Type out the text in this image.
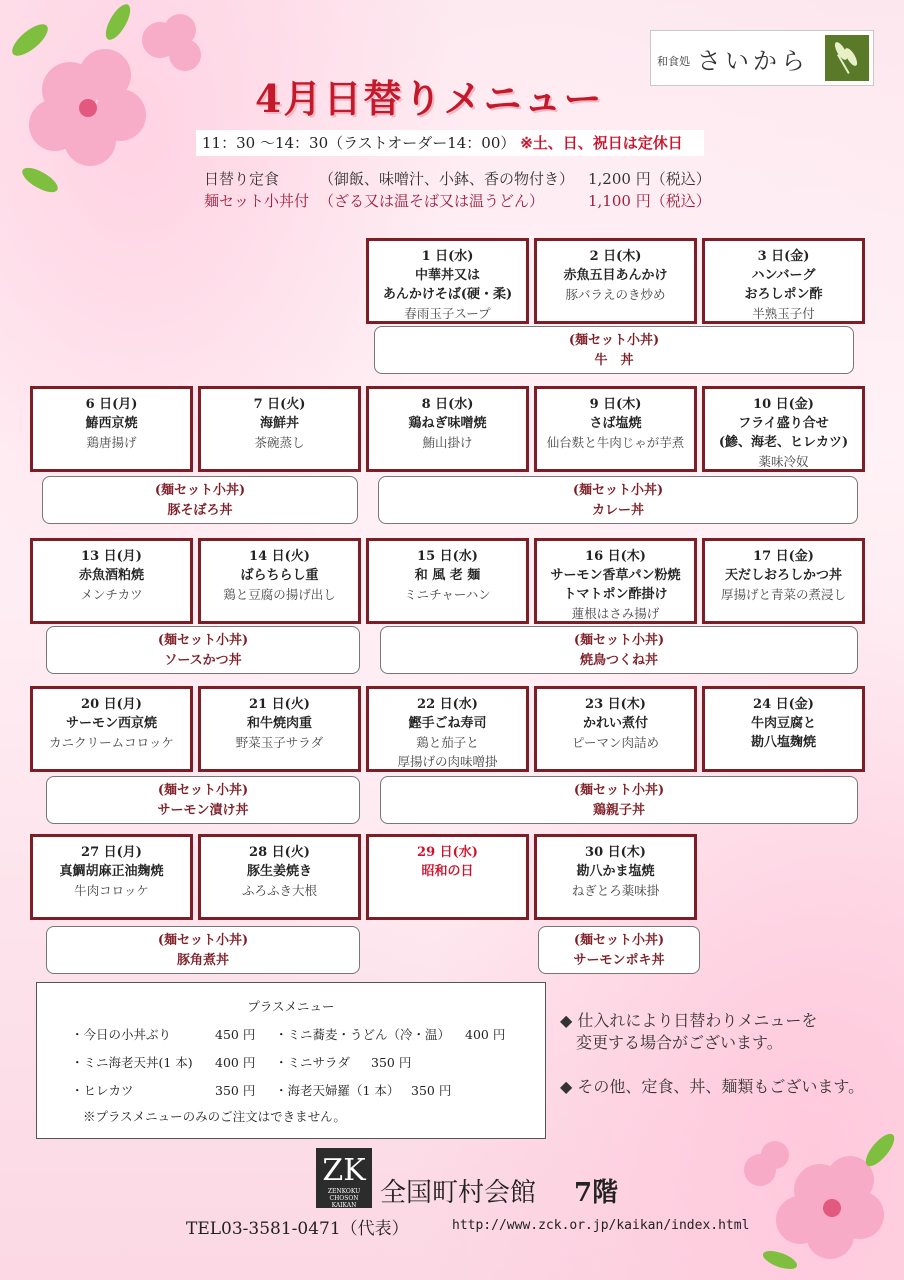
4月日替りメニュー
和食処 さいから
11：30 ～14：30（ラストオーダー14：00） ※土、日、祝日は定休日
日替り定食	（御飯、味噌汁、小鉢、香の物付き） 1,200 円（税込）
麺セット小丼付 （ざる又は温そば又は温うどん）	1,100 円（税込）
1 日(水)
中華丼又は
あんかけそば(硬・柔)
春雨玉子スープ
2 日(木)
赤魚五目あんかけ
豚バラえのき炒め
3 日(金)
ハンバーグ
おろしポン酢
半熟玉子付
6 日(月)
鰆西京焼
鶏唐揚げ
7 日(火)
海鮮丼
茶碗蒸し
8 日(水)
鶏ねぎ味噌焼
鮪山掛け
9 日(木)
さば塩焼
仙台麩と牛肉じゃが芋煮
10 日(金)
フライ盛り合せ
(鯵、海老、ヒレカツ)
薬味冷奴
13 日(月)
赤魚酒粕焼
メンチカツ
14 日(火)
ばらちらし重
鶏と豆腐の揚げ出し
15 日(水)
和 風 老 麺
ミニチャーハン
16 日(木)
サーモン香草パン粉焼
トマトポン酢掛け
蓮根はさみ揚げ
17 日(金)
天だしおろしかつ丼
厚揚げと青菜の煮浸し
20 日(月)
サーモン西京焼
カニクリームコロッケ
21 日(火)
和牛焼肉重
野菜玉子サラダ
22 日(水)
鰹手ごね寿司
鶏と茄子と
厚揚げの肉味噌掛
23 日(木)
かれい煮付
ピーマン肉詰め
24 日(金)
牛肉豆腐と
勘八塩麹焼
27 日(月)
真鯛胡麻正油麹焼
牛肉コロッケ
28 日(火)
豚生姜焼き
ふろふき大根
29 日(水)
昭和の日
30 日(木)
勘八かま塩焼
ねぎとろ薬味掛
(麺セット小丼)
牛　丼
(麺セット小丼)
豚そぼろ丼
(麺セット小丼)
カレー丼
(麺セット小丼)
ソースかつ丼
(麺セット小丼)
焼鳥つくね丼
(麺セット小丼)
サーモン漬け丼
(麺セット小丼)
鶏親子丼
(麺セット小丼)
豚角煮丼
(麺セット小丼)
サーモンポキ丼
プラスメニュー
・今日の小丼ぶり	450 円 ・ミニ蕎麦・うどん（冷・温） 400 円
・ミニ海老天丼(1 本) 400 円 ・ミニサラダ 350 円
・ヒレカツ	350 円 ・海老天婦羅（1 本） 350 円
※プラスメニューのみのご注文はできません。
◆ 仕入れにより日替わりメニューを
　変更する場合がございます。
◆ その他、定食、丼、麺類もございます。
ZK
ZENKOKU
CHOSON
KAIKAN 全国町村会館 7階
TEL03-3581-0471（代表）	http://www.zck.or.jp/kaikan/index.html
